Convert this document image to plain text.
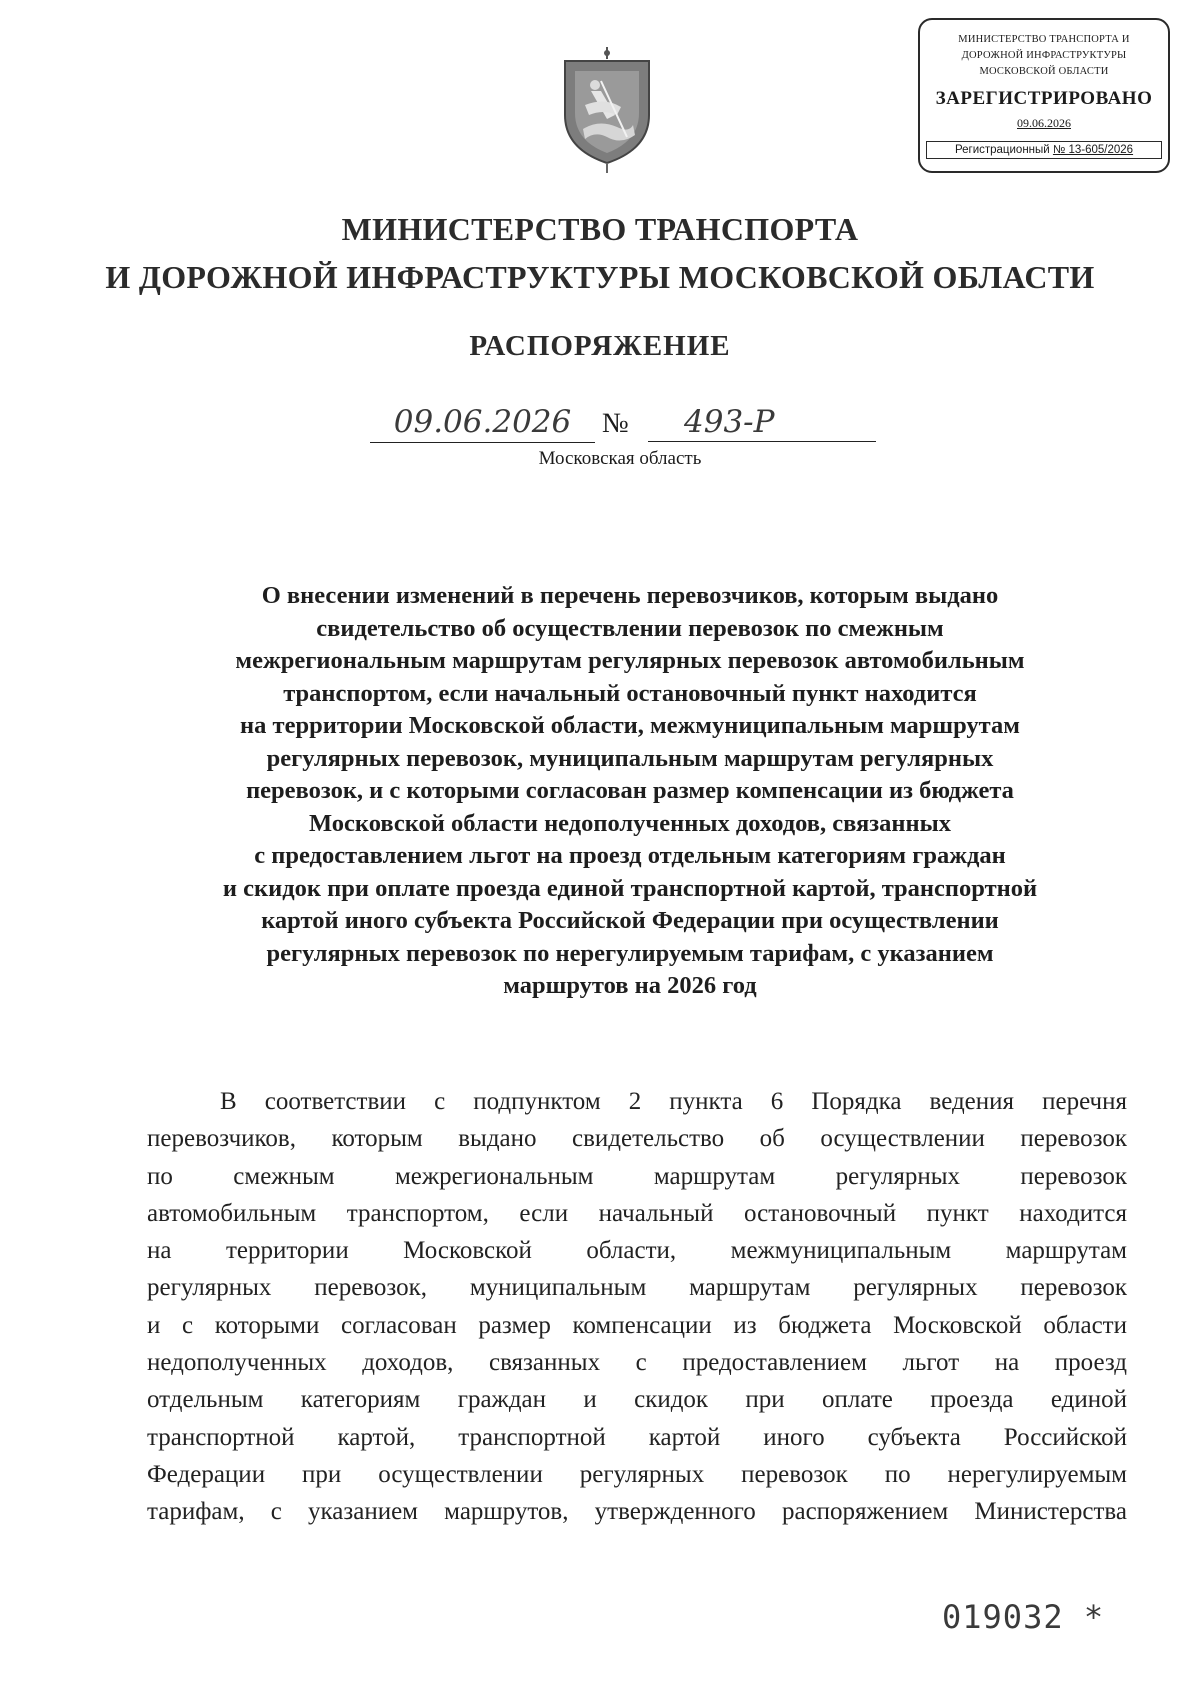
МИНИСТЕРСТВО ТРАНСПОРТА И
ДОРОЖНОЙ ИНФРАСТРУКТУРЫ
МОСКОВСКОЙ ОБЛАСТИ
ЗАРЕГИСТРИРОВАНО
09.06.2026
Регистрационный № 13-605/2026
МИНИСТЕРСТВО ТРАНСПОРТА
И ДОРОЖНОЙ ИНФРАСТРУКТУРЫ МОСКОВСКОЙ ОБЛАСТИ
РАСПОРЯЖЕНИЕ
09.06.2026	№	493-Р
Московская область
О внесении изменений в перечень перевозчиков, которым выдано
свидетельство об осуществлении перевозок по смежным
межрегиональным маршрутам регулярных перевозок автомобильным
транспортом, если начальный остановочный пункт находится
на территории Московской области, межмуниципальным маршрутам
регулярных перевозок, муниципальным маршрутам регулярных
перевозок, и с которыми согласован размер компенсации из бюджета
Московской области недополученных доходов, связанных
с предоставлением льгот на проезд отдельным категориям граждан
и скидок при оплате проезда единой транспортной картой, транспортной
картой иного субъекта Российской Федерации при осуществлении
регулярных перевозок по нерегулируемым тарифам, с указанием
маршрутов на 2026 год
В соответствии с подпунктом 2 пункта 6 Порядка ведения перечня
перевозчиков, которым выдано свидетельство об осуществлении перевозок
по смежным межрегиональным маршрутам регулярных перевозок
автомобильным транспортом, если начальный остановочный пункт находится
на территории Московской области, межмуниципальным маршрутам
регулярных перевозок, муниципальным маршрутам регулярных перевозок
и с которыми согласован размер компенсации из бюджета Московской области
недополученных доходов, связанных с предоставлением льгот на проезд
отдельным категориям граждан и скидок при оплате проезда единой
транспортной картой, транспортной картой иного субъекта Российской
Федерации при осуществлении регулярных перевозок по нерегулируемым
тарифам, с указанием маршрутов, утвержденного распоряжением Министерства
019032 *
